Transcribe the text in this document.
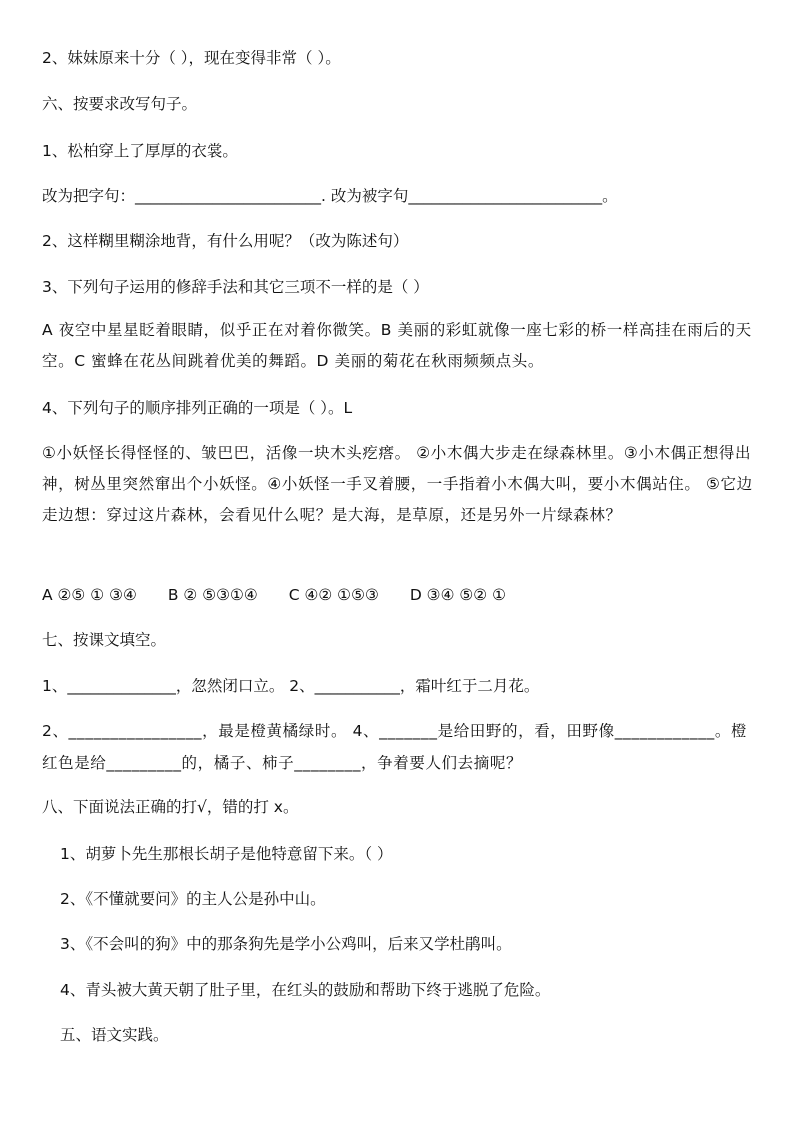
2、妹妹原来十分（ ），现在变得非常（ ）。
六、按要求改写句子。
1、松柏穿上了厚厚的衣裳。
改为把字句：________________________. 改为被字句_________________________。
2、这样糊里糊涂地背，有什么用呢？（改为陈述句）
3、下列句子运用的修辞手法和其它三项不一样的是（ ）
A 夜空中星星眨着眼睛，似乎正在对着你微笑。B 美丽的彩虹就像一座七彩的桥一样高挂在雨后的天空。C 蜜蜂在花丛间跳着优美的舞蹈。D 美丽的菊花在秋雨频频点头。
4、下列句子的顺序排列正确的一项是（ ）。L
①小妖怪长得怪怪的、皱巴巴，活像一块木头疙瘩。 ②小木偶大步走在绿森林里。③小木偶正想得出神，树丛里突然窜出个小妖怪。④小妖怪一手叉着腰，一手指着小木偶大叫，要小木偶站住。 ⑤它边走边想：穿过这片森林，会看见什么呢？是大海，是草原，还是另外一片绿森林？
A ②⑤ ① ③④ B ② ⑤③①④ C ④② ①⑤③ D ③④ ⑤② ①
七、按课文填空。
1、______________，忽然闭口立。 2、___________，霜叶红于二月花。
2、________________，最是橙黄橘绿时。 4、_______是给田野的，看，田野像____________。橙红色是给_________的，橘子、柿子________，争着要人们去摘呢？
八、下面说法正确的打√，错的打 x。
1、胡萝卜先生那根长胡子是他特意留下来。（ ）
2、《不懂就要问》的主人公是孙中山。
3、《不会叫的狗》中的那条狗先是学小公鸡叫，后来又学杜鹃叫。
4、青头被大黄天朝了肚子里，在红头的鼓励和帮助下终于逃脱了危险。
五、语文实践。
